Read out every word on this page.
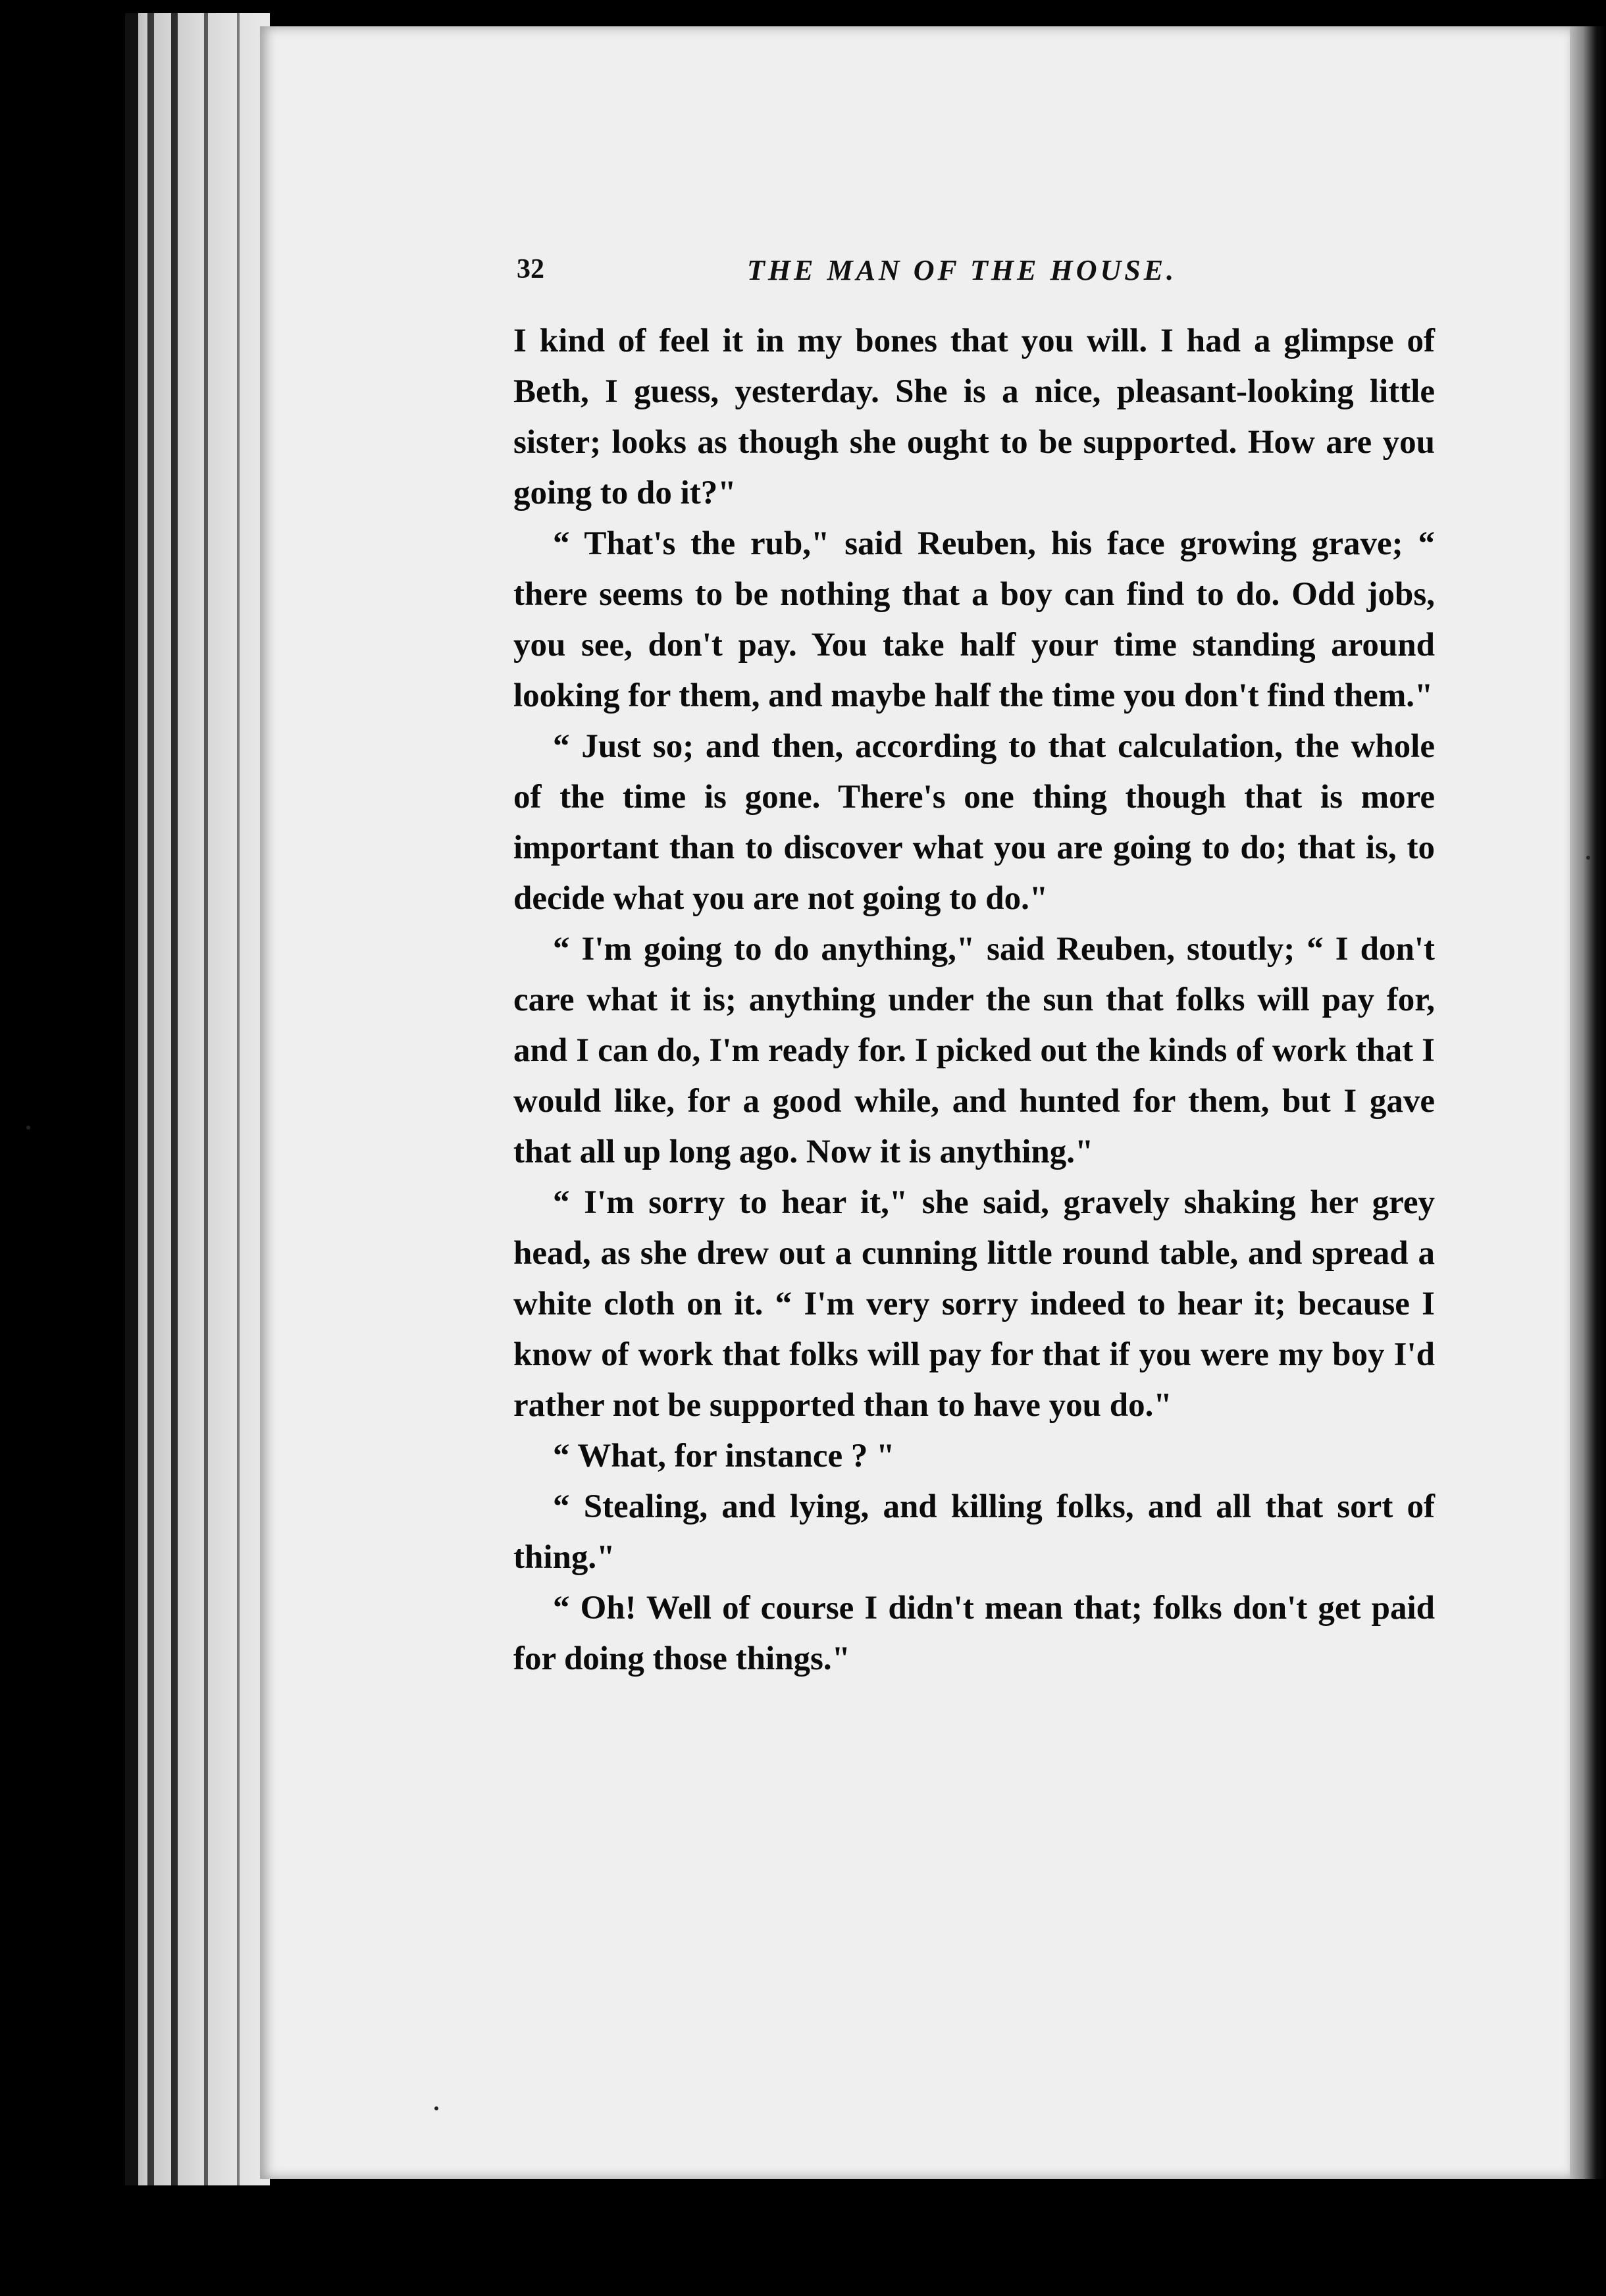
32	THE MAN OF THE HOUSE.

I kind of feel it in my bones that you will. I had a glimpse of Beth, I guess, yesterday. She is a nice, pleasant-looking little sister; looks as though she ought to be supported. How are you going to do it?"

“ That's the rub," said Reuben, his face growing grave; “ there seems to be nothing that a boy can find to do. Odd jobs, you see, don't pay. You take half your time standing around looking for them, and maybe half the time you don't find them."

“ Just so; and then, according to that calculation, the whole of the time is gone. There's one thing though that is more important than to discover what you are going to do; that is, to decide what you are not going to do."

“ I'm going to do anything," said Reuben, stoutly; “ I don't care what it is; anything under the sun that folks will pay for, and I can do, I'm ready for. I picked out the kinds of work that I would like, for a good while, and hunted for them, but I gave that all up long ago. Now it is anything."

“ I'm sorry to hear it," she said, gravely shaking her grey head, as she drew out a cunning little round table, and spread a white cloth on it. “ I'm very sorry indeed to hear it; because I know of work that folks will pay for that if you were my boy I'd rather not be supported than to have you do."

“ What, for instance ? "

“ Stealing, and lying, and killing folks, and all that sort of thing."

“ Oh! Well of course I didn't mean that; folks don't get paid for doing those things."
